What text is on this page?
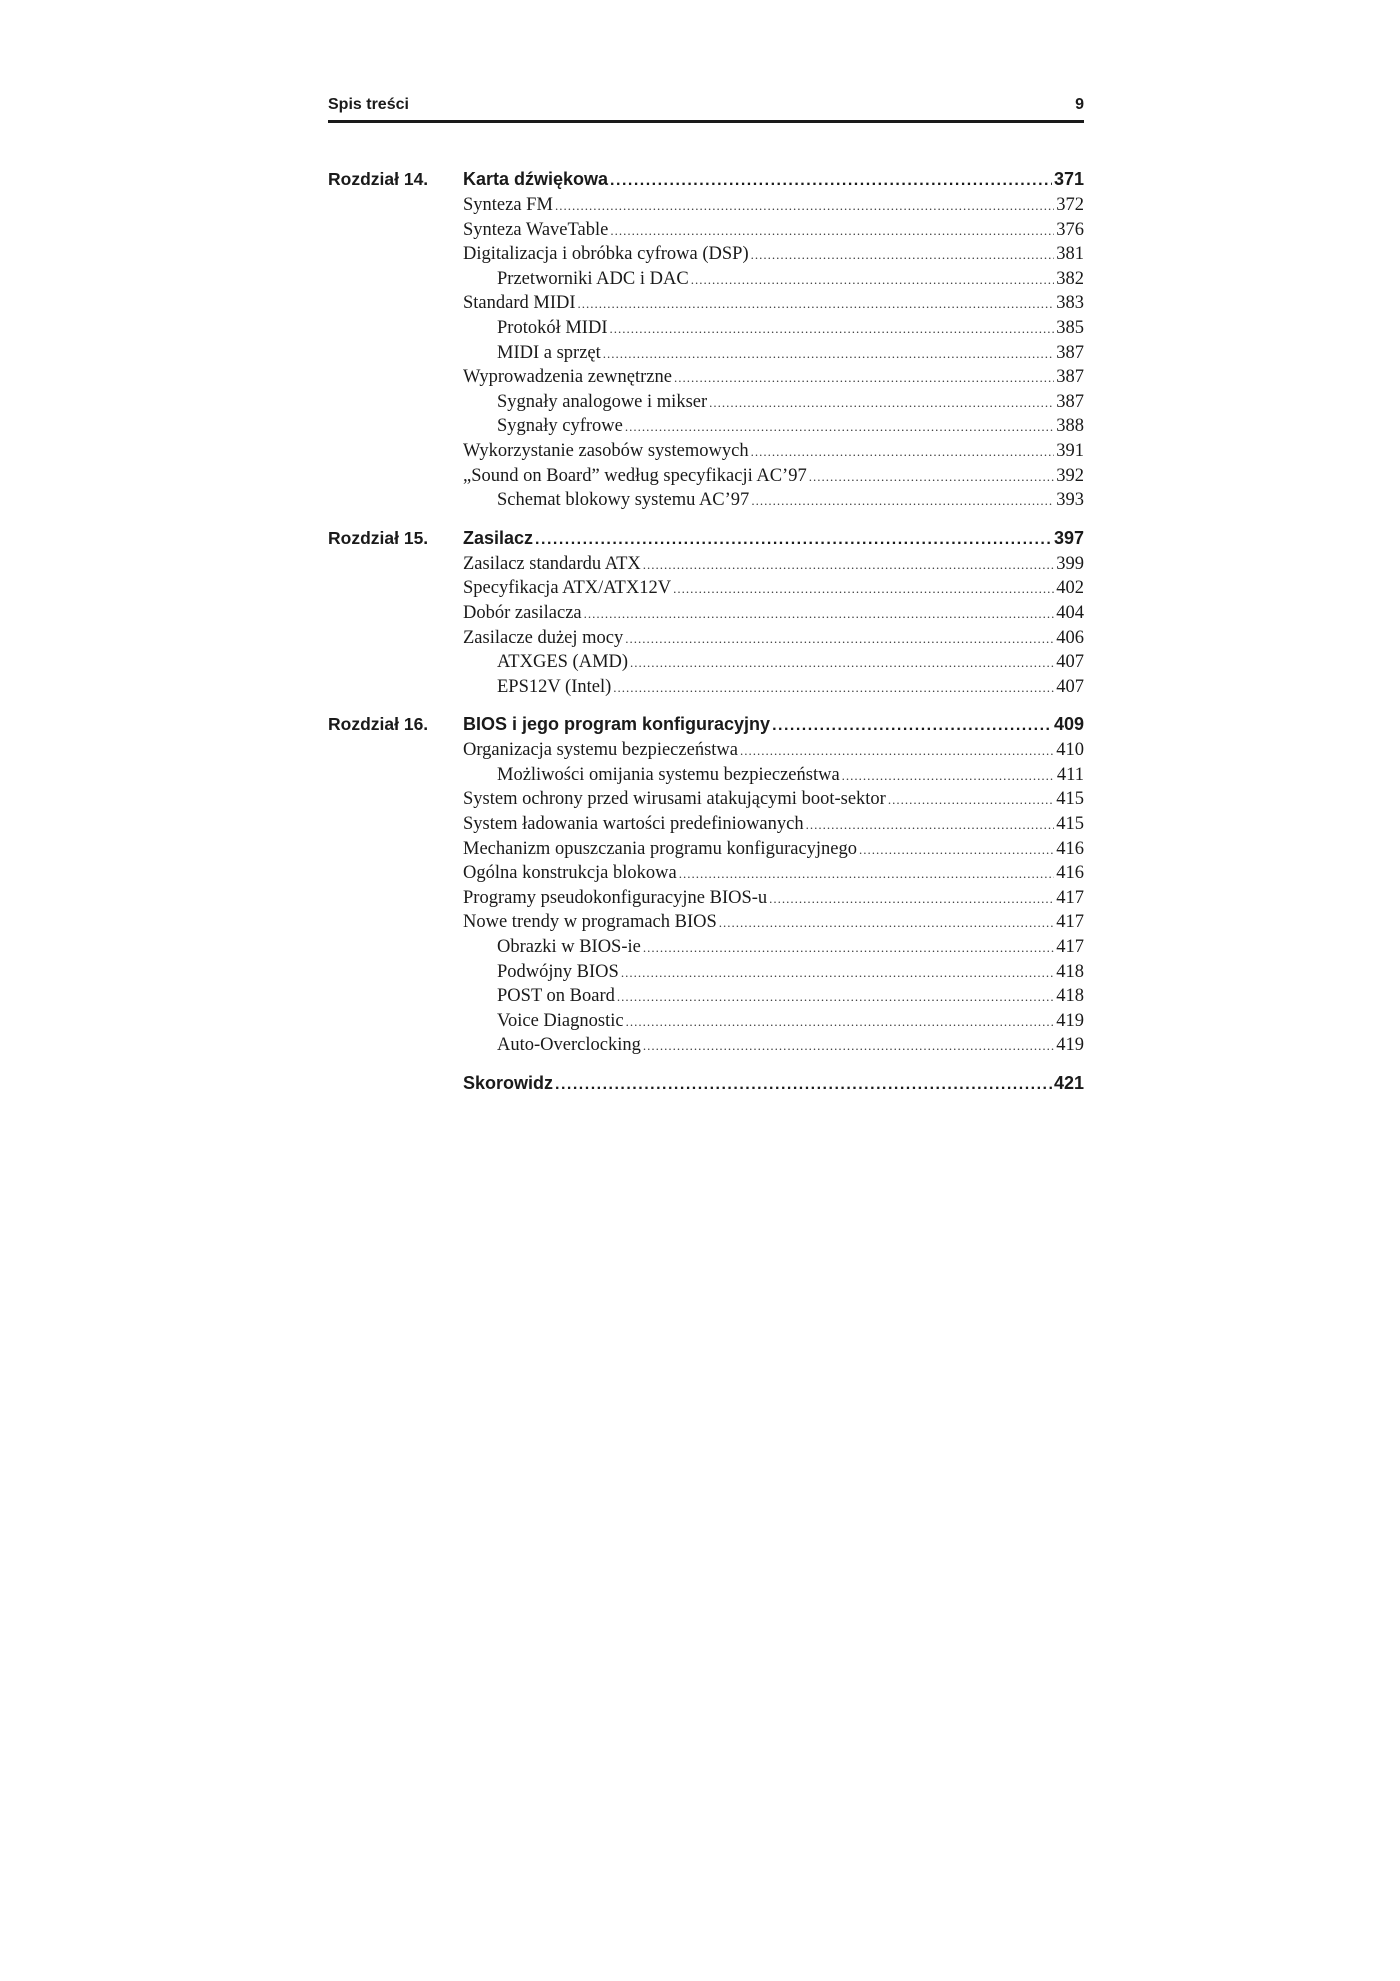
Spis treści	9
Rozdział 14. Karta dźwiękowa .....	371
Synteza FM .....	372
Synteza WaveTable .....	376
Digitalizacja i obróbka cyfrowa (DSP) .....	381
Przetworniki ADC i DAC .....	382
Standard MIDI .....	383
Protokół MIDI .....	385
MIDI a sprzęt .....	387
Wyprowadzenia zewnętrzne .....	387
Sygnały analogowe i mikser .....	387
Sygnały cyfrowe .....	388
Wykorzystanie zasobów systemowych .....	391
„Sound on Board” według specyfikacji AC’97 .....	392
Schemat blokowy systemu AC’97 .....	393
Rozdział 15. Zasilacz .....	397
Zasilacz standardu ATX .....	399
Specyfikacja ATX/ATX12V .....	402
Dobór zasilacza .....	404
Zasilacze dużej mocy .....	406
ATXGES (AMD) .....	407
EPS12V (Intel) .....	407
Rozdział 16. BIOS i jego program konfiguracyjny .....	409
Organizacja systemu bezpieczeństwa .....	410
Możliwości omijania systemu bezpieczeństwa .....	411
System ochrony przed wirusami atakującymi boot-sektor .....	415
System ładowania wartości predefiniowanych .....	415
Mechanizm opuszczania programu konfiguracyjnego .....	416
Ogólna konstrukcja blokowa .....	416
Programy pseudokonfiguracyjne BIOS-u .....	417
Nowe trendy w programach BIOS .....	417
Obrazki w BIOS-ie .....	417
Podwójny BIOS .....	418
POST on Board .....	418
Voice Diagnostic .....	419
Auto-Overclocking .....	419
Skorowidz .....	421
